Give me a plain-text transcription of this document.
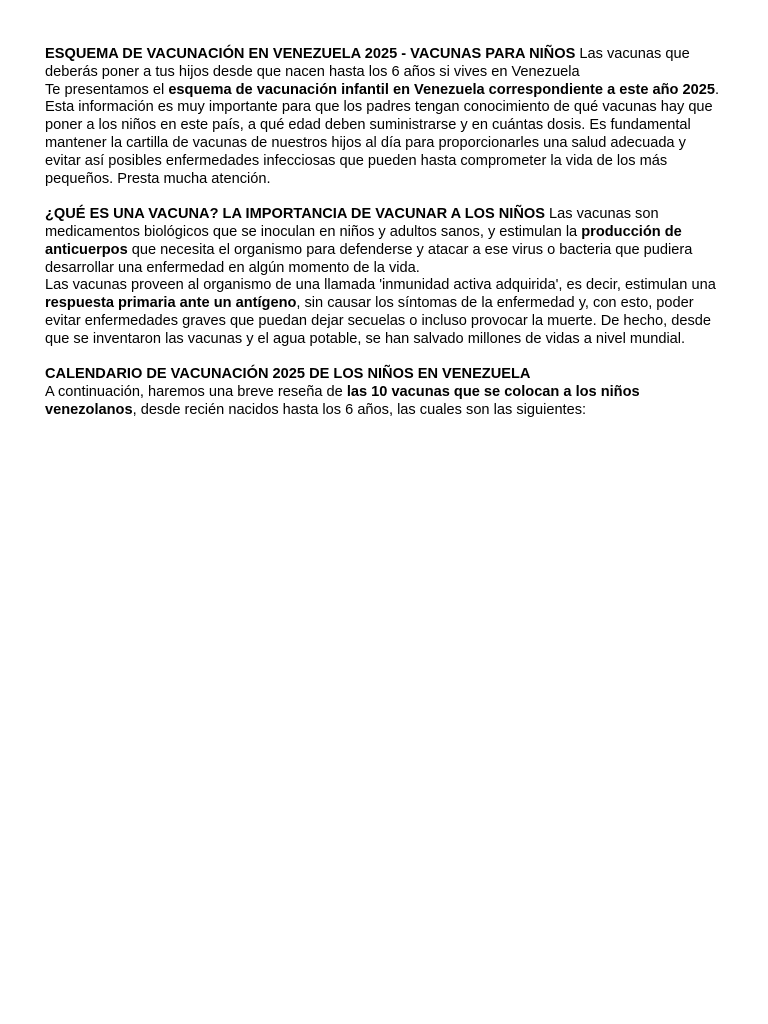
ESQUEMA DE VACUNACIÓN EN VENEZUELA 2025 - VACUNAS PARA NIÑOS Las vacunas que deberás poner a tus hijos desde que nacen hasta los 6 años si vives en Venezuela

Te presentamos el esquema de vacunación infantil en Venezuela correspondiente a este año 2025. Esta información es muy importante para que los padres tengan conocimiento de qué vacunas hay que poner a los niños en este país, a qué edad deben suministrarse y en cuántas dosis. Es fundamental mantener la cartilla de vacunas de nuestros hijos al día para proporcionarles una salud adecuada y evitar así posibles enfermedades infecciosas que pueden hasta comprometer la vida de los más pequeños. Presta mucha atención.

¿QUÉ ES UNA VACUNA? LA IMPORTANCIA DE VACUNAR A LOS NIÑOS Las vacunas son medicamentos biológicos que se inoculan en niños y adultos sanos, y estimulan la producción de anticuerpos que necesita el organismo para defenderse y atacar a ese virus o bacteria que pudiera desarrollar una enfermedad en algún momento de la vida.

Las vacunas proveen al organismo de una llamada 'inmunidad activa adquirida', es decir, estimulan una respuesta primaria ante un antígeno, sin causar los síntomas de la enfermedad y, con esto, poder evitar enfermedades graves que puedan dejar secuelas o incluso provocar la muerte. De hecho, desde que se inventaron las vacunas y el agua potable, se han salvado millones de vidas a nivel mundial.

CALENDARIO DE VACUNACIÓN 2025 DE LOS NIÑOS EN VENEZUELA

A continuación, haremos una breve reseña de las 10 vacunas que se colocan a los niños venezolanos, desde recién nacidos hasta los 6 años, las cuales son las siguientes:
